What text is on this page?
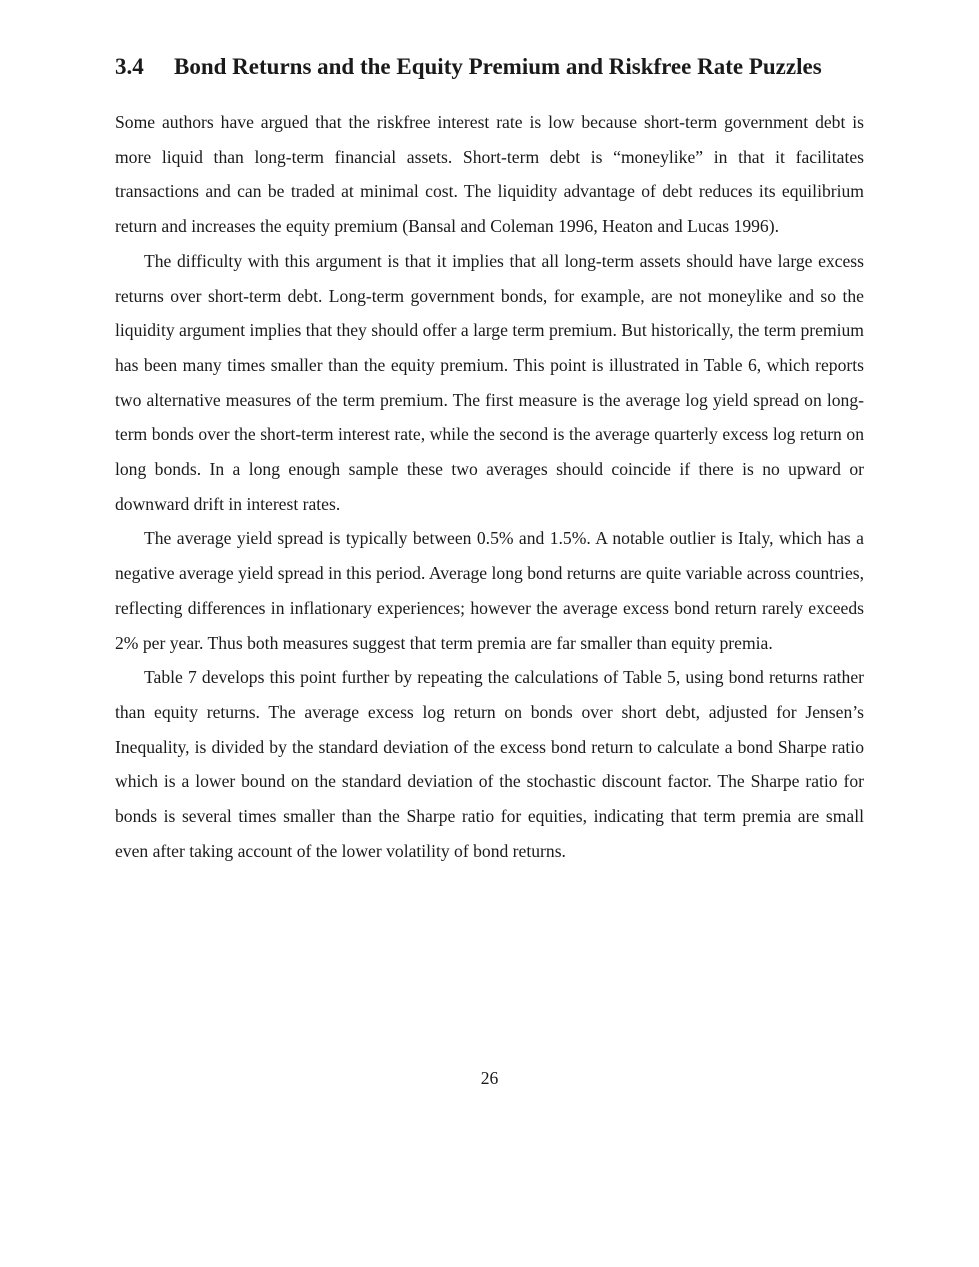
3.4	Bond Returns and the Equity Premium and Riskfree Rate Puzzles

Some authors have argued that the riskfree interest rate is low because short-term government debt is more liquid than long-term financial assets. Short-term debt is “moneylike” in that it facilitates transactions and can be traded at minimal cost. The liquidity advantage of debt reduces its equilibrium return and increases the equity premium (Bansal and Coleman 1996, Heaton and Lucas 1996).

The difficulty with this argument is that it implies that all long-term assets should have large excess returns over short-term debt. Long-term government bonds, for example, are not moneylike and so the liquidity argument implies that they should offer a large term premium. But historically, the term premium has been many times smaller than the equity premium. This point is illustrated in Table 6, which reports two alternative measures of the term premium. The first measure is the average log yield spread on long-term bonds over the short-term interest rate, while the second is the average quarterly excess log return on long bonds. In a long enough sample these two averages should coincide if there is no upward or downward drift in interest rates.

The average yield spread is typically between 0.5% and 1.5%. A notable outlier is Italy, which has a negative average yield spread in this period. Average long bond returns are quite variable across countries, reflecting differences in inflationary experiences; however the average excess bond return rarely exceeds 2% per year. Thus both measures suggest that term premia are far smaller than equity premia.

Table 7 develops this point further by repeating the calculations of Table 5, using bond returns rather than equity returns. The average excess log return on bonds over short debt, adjusted for Jensen’s Inequality, is divided by the standard deviation of the excess bond return to calculate a bond Sharpe ratio which is a lower bound on the standard deviation of the stochastic discount factor. The Sharpe ratio for bonds is several times smaller than the Sharpe ratio for equities, indicating that term premia are small even after taking account of the lower volatility of bond returns.

26
